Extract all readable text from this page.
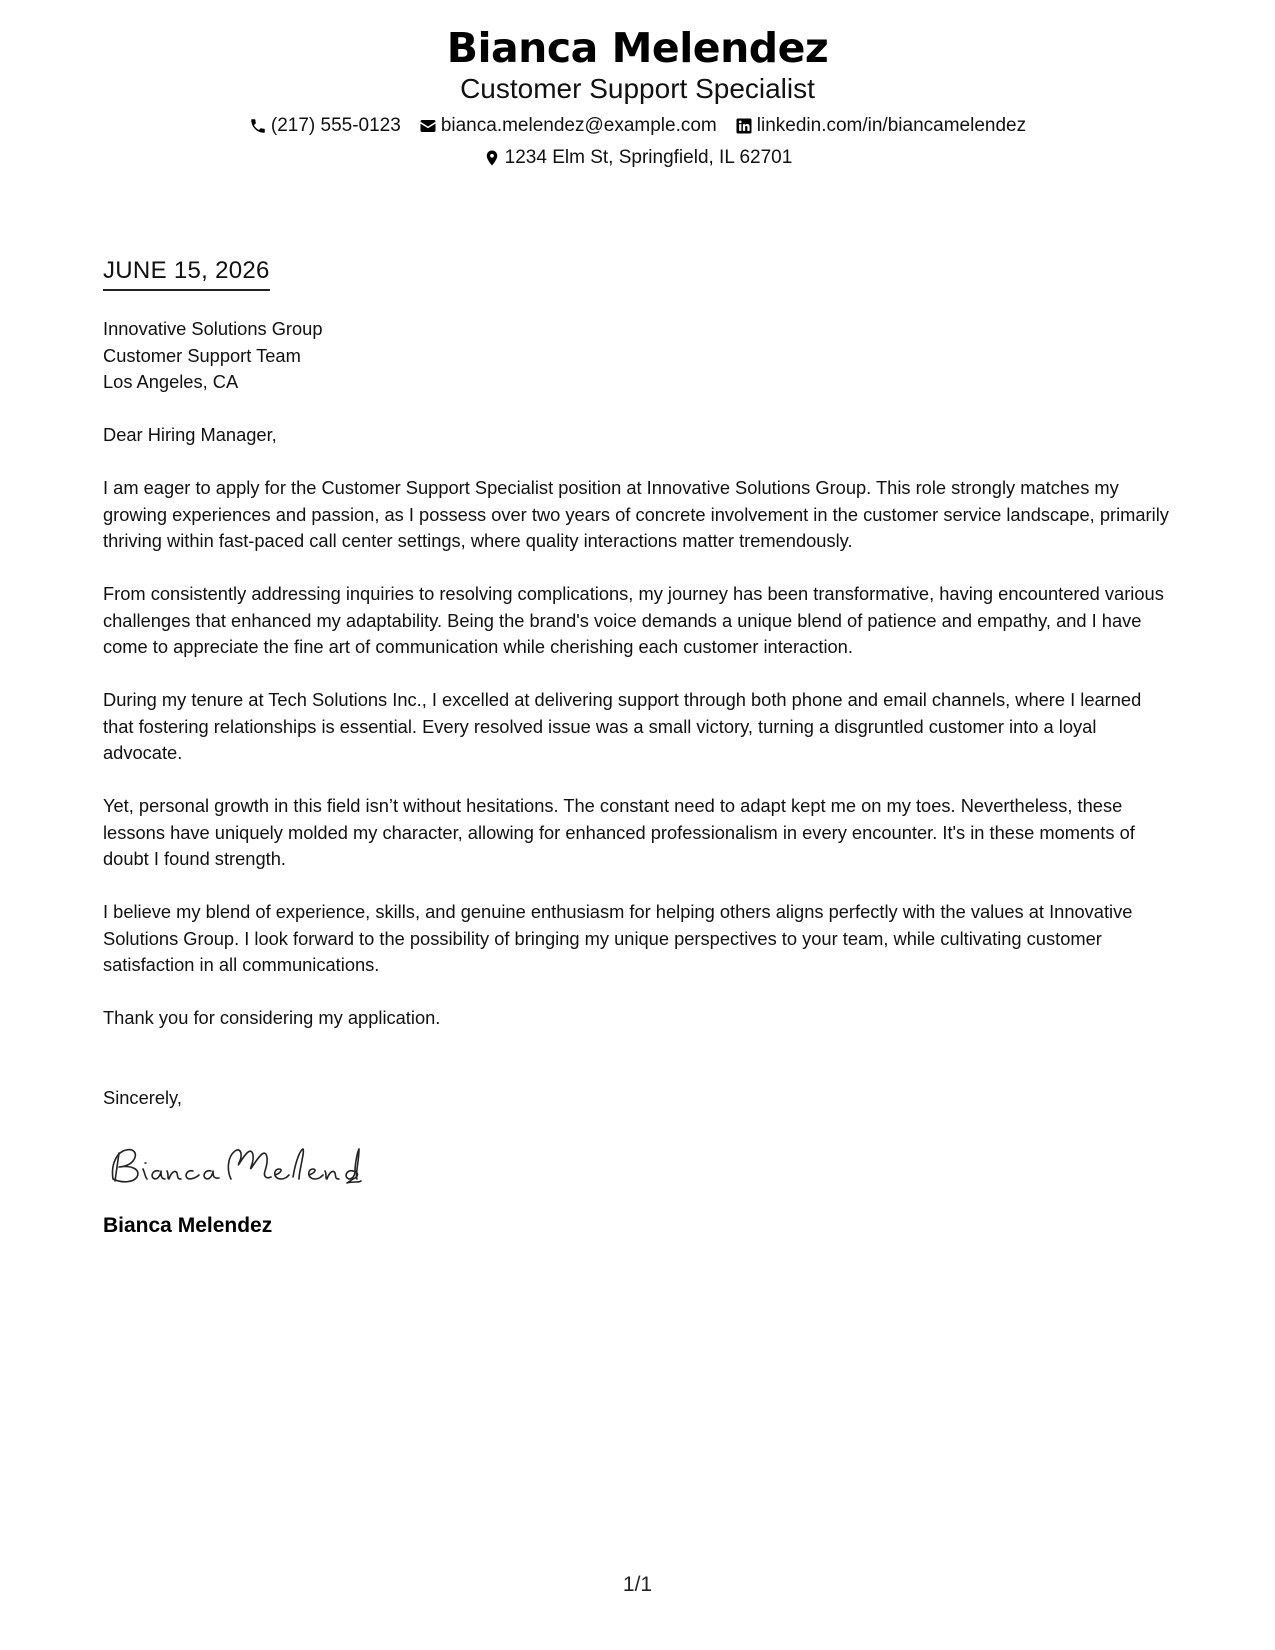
Bianca Melendez
Customer Support Specialist
(217) 555-0123 bianca.melendez@example.com linkedin.com/in/biancamelendez
1234 Elm St, Springfield, IL 62701
JUNE 15, 2026
Innovative Solutions Group
Customer Support Team
Los Angeles, CA

Dear Hiring Manager,

I am eager to apply for the Customer Support Specialist position at Innovative Solutions Group. This role strongly matches my growing experiences and passion, as I possess over two years of concrete involvement in the customer service landscape, primarily thriving within fast-paced call center settings, where quality interactions matter tremendously.

From consistently addressing inquiries to resolving complications, my journey has been transformative, having encountered various challenges that enhanced my adaptability. Being the brand's voice demands a unique blend of patience and empathy, and I have come to appreciate the fine art of communication while cherishing each customer interaction.

During my tenure at Tech Solutions Inc., I excelled at delivering support through both phone and email channels, where I learned that fostering relationships is essential. Every resolved issue was a small victory, turning a disgruntled customer into a loyal advocate.

Yet, personal growth in this field isn’t without hesitations. The constant need to adapt kept me on my toes. Nevertheless, these lessons have uniquely molded my character, allowing for enhanced professionalism in every encounter. It's in these moments of doubt I found strength.

I believe my blend of experience, skills, and genuine enthusiasm for helping others aligns perfectly with the values at Innovative Solutions Group. I look forward to the possibility of bringing my unique perspectives to your team, while cultivating customer satisfaction in all communications.

Thank you for considering my application.

Sincerely,
Bianca Melendez
1/1
